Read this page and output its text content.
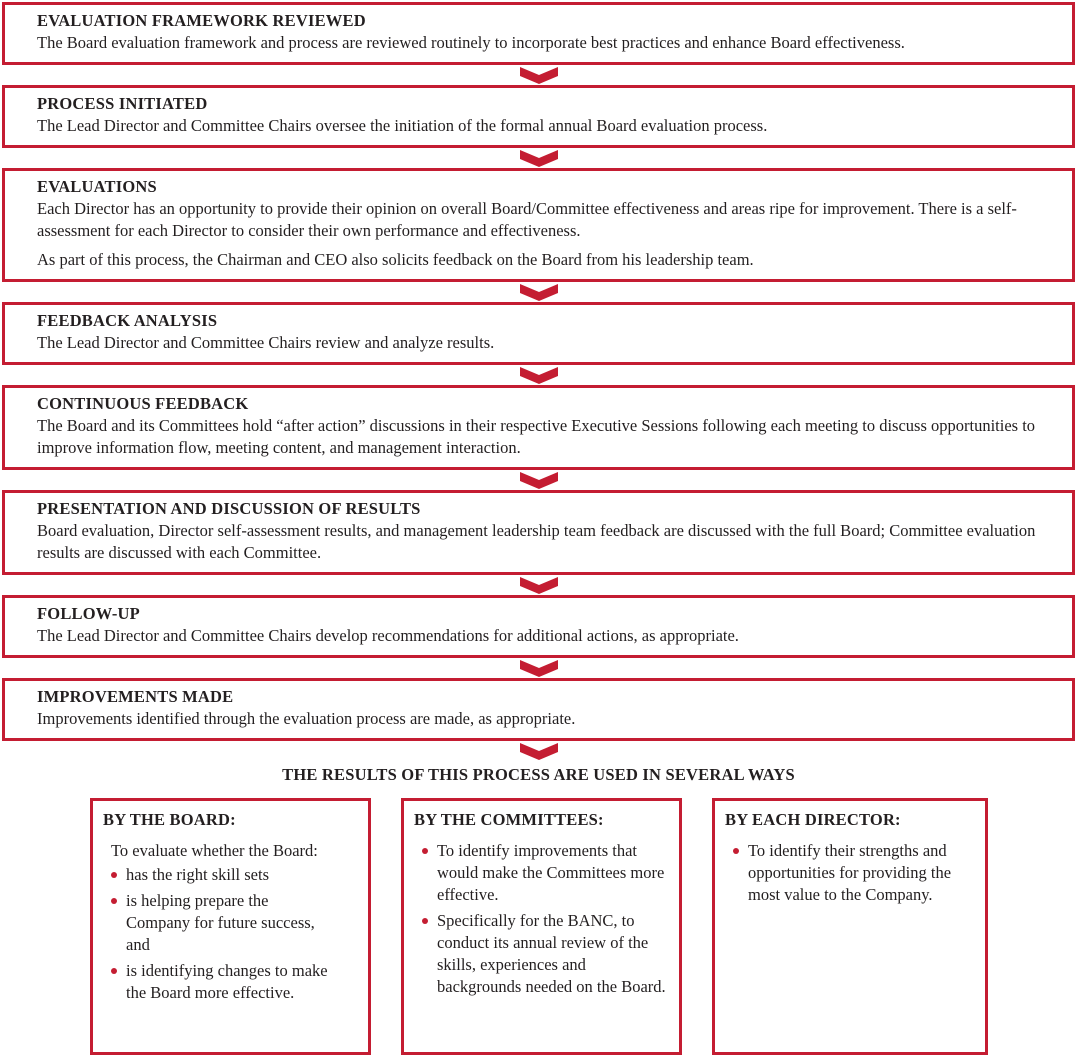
EVALUATION FRAMEWORK REVIEWED

The Board evaluation framework and process are reviewed routinely to incorporate best practices and enhance Board effectiveness.

PROCESS INITIATED

The Lead Director and Committee Chairs oversee the initiation of the formal annual Board evaluation process.

EVALUATIONS

Each Director has an opportunity to provide their opinion on overall Board/Committee effectiveness and areas ripe for improvement. There is a self-assessment for each Director to consider their own performance and effectiveness.

As part of this process, the Chairman and CEO also solicits feedback on the Board from his leadership team.

FEEDBACK ANALYSIS

The Lead Director and Committee Chairs review and analyze results.

CONTINUOUS FEEDBACK

The Board and its Committees hold “after action” discussions in their respective Executive Sessions following each meeting to discuss opportunities to improve information flow, meeting content, and management interaction.

PRESENTATION AND DISCUSSION OF RESULTS

Board evaluation, Director self-assessment results, and management leadership team feedback are discussed with the full Board; Committee evaluation results are discussed with each Committee.

FOLLOW-UP

The Lead Director and Committee Chairs develop recommendations for additional actions, as appropriate.

IMPROVEMENTS MADE

Improvements identified through the evaluation process are made, as appropriate.

THE RESULTS OF THIS PROCESS ARE USED IN SEVERAL WAYS
BY THE BOARD:

To evaluate whether the Board:

has the right skill sets
is helping prepare the Company for future success, and
is identifying changes to make the Board more effective.
BY THE COMMITTEES:
To identify improvements that would make the Committees more effective.
Specifically for the BANC, to conduct its annual review of the skills, experiences and backgrounds needed on the Board.
BY EACH DIRECTOR:
To identify their strengths and opportunities for providing the most value to the Company.
